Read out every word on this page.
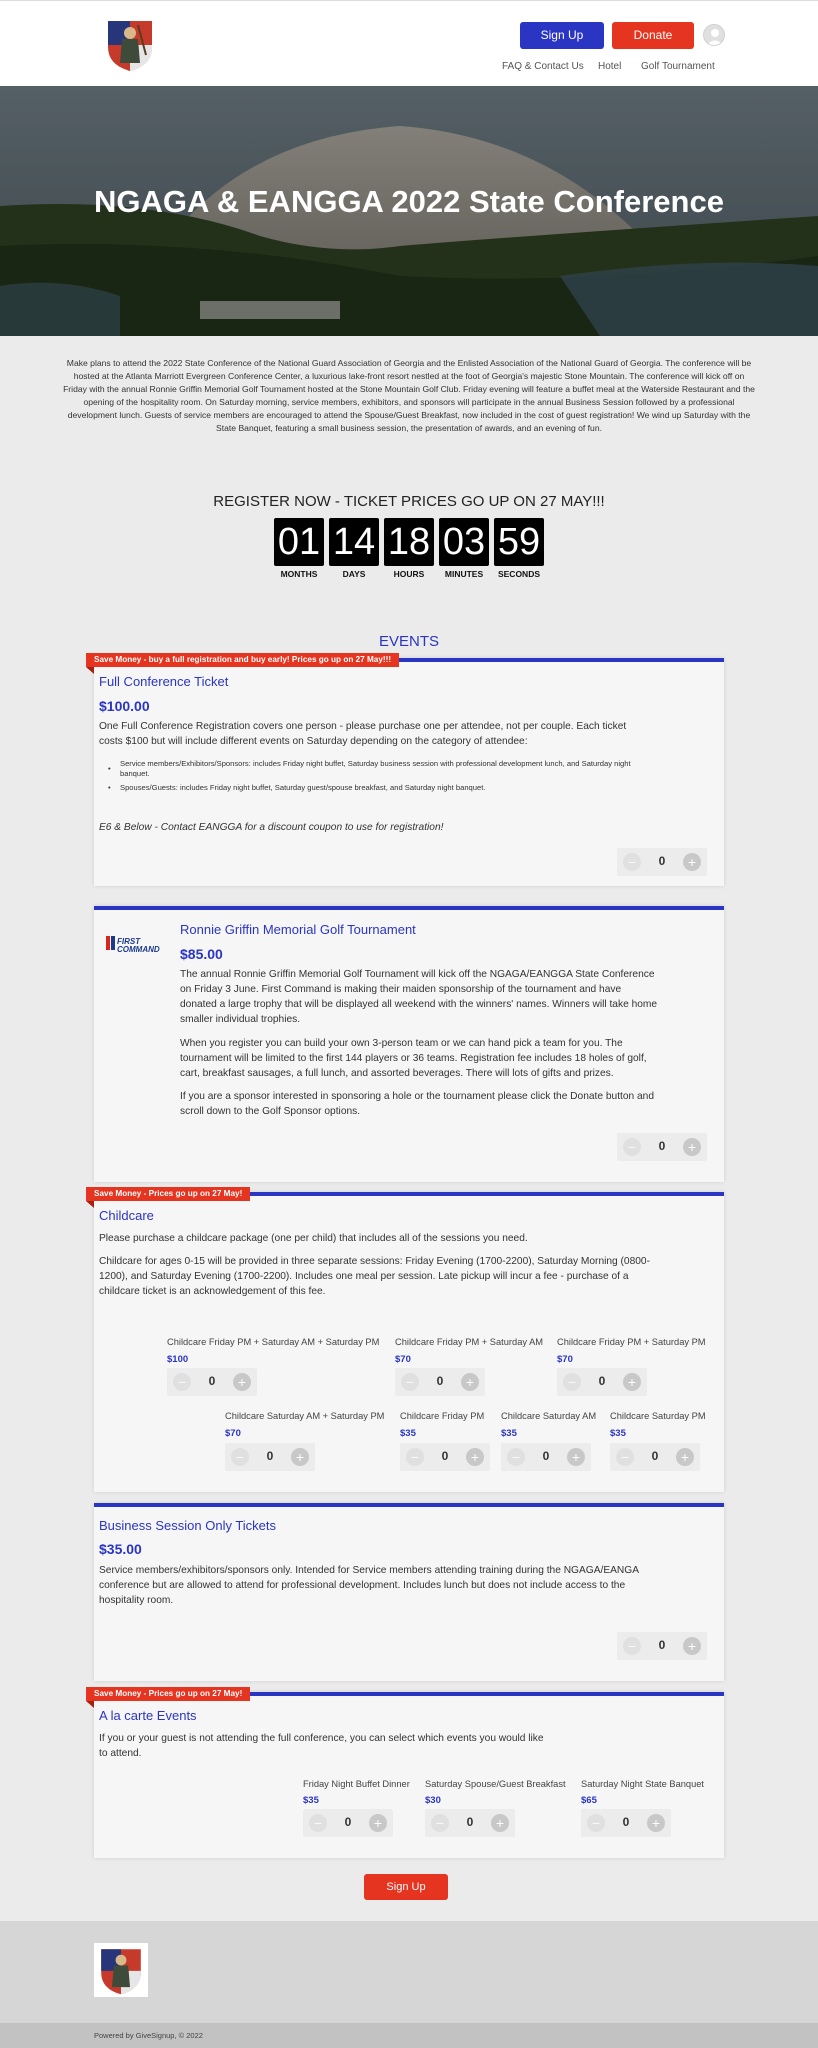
Sign Up	Donate
FAQ & Contact Us Hotel Golf Tournament
NGAGA & EANGGA 2022 State Conference
Make plans to attend the 2022 State Conference of the National Guard Association of Georgia and the Enlisted Association of the National Guard of Georgia. The conference will be hosted at the Atlanta Marriott Evergreen Conference Center, a luxurious lake-front resort nestled at the foot of Georgia's majestic Stone Mountain. The conference will kick off on Friday with the annual Ronnie Griffin Memorial Golf Tournament hosted at the Stone Mountain Golf Club. Friday evening will feature a buffet meal at the Waterside Restaurant and the opening of the hospitality room. On Saturday morning, service members, exhibitors, and sponsors will participate in the annual Business Session followed by a professional development lunch. Guests of service members are encouraged to attend the Spouse/Guest Breakfast, now included in the cost of guest registration! We wind up Saturday with the State Banquet, featuring a small business session, the presentation of awards, and an evening of fun.
REGISTER NOW - TICKET PRICES GO UP ON 27 MAY!!!
01 14 18 03 59
MONTHS	DAYS	HOURS	MINUTES	SECONDS
EVENTS
Save Money - buy a full registration and buy early! Prices go up on 27 May!!!
Full Conference Ticket
$100.00
One Full Conference Registration covers one person - please purchase one per attendee, not per couple. Each ticket costs $100 but will include different events on Saturday depending on the category of attendee:
•
Service members/Exhibitors/Sponsors: includes Friday night buffet, Saturday business session with professional development lunch, and Saturday night banquet.
• Spouses/Guests: includes Friday night buffet, Saturday guest/spouse breakfast, and Saturday night banquet.
E6 & Below - Contact EANGGA for a discount coupon to use for registration!
−	0	+
FIRST
COMMAND
Ronnie Griffin Memorial Golf Tournament
$85.00
The annual Ronnie Griffin Memorial Golf Tournament will kick off the NGAGA/EANGGA State Conference on Friday 3 June. First Command is making their maiden sponsorship of the tournament and have donated a large trophy that will be displayed all weekend with the winners' names. Winners will take home smaller individual trophies.
When you register you can build your own 3-person team or we can hand pick a team for you. The tournament will be limited to the first 144 players or 36 teams. Registration fee includes 18 holes of golf, cart, breakfast sausages, a full lunch, and assorted beverages. There will lots of gifts and prizes.
If you are a sponsor interested in sponsoring a hole or the tournament please click the Donate button and scroll down to the Golf Sponsor options.
−	0	+
Save Money - Prices go up on 27 May!
Childcare
Please purchase a childcare package (one per child) that includes all of the sessions you need.
Childcare for ages 0-15 will be provided in three separate sessions: Friday Evening (1700-2200), Saturday Morning (0800-1200), and Saturday Evening (1700-2200). Includes one meal per session. Late pickup will incur a fee - purchase of a childcare ticket is an acknowledgement of this fee.
Childcare Friday PM + Saturday AM + Saturday PM
$100
−	0	+
Childcare Friday PM + Saturday AM
$70
−	0	+
Childcare Friday PM + Saturday PM
$70
−	0	+
Childcare Saturday AM + Saturday PM
$70
−	0	+
Childcare Friday PM
$35
−	0	+
Childcare Saturday AM
$35
−	0	+
Childcare Saturday PM
$35
−	0	+
Business Session Only Tickets
$35.00
Service members/exhibitors/sponsors only. Intended for Service members attending training during the NGAGA/EANGA conference but are allowed to attend for professional development. Includes lunch but does not include access to the hospitality room.
−	0	+
Save Money - Prices go up on 27 May!
A la carte Events
If you or your guest is not attending the full conference, you can select which events you would like to attend.
Friday Night Buffet Dinner
$35
−	0	+
Saturday Spouse/Guest Breakfast
$30
−	0	+
Saturday Night State Banquet
$65
−	0	+
Sign Up
Powered by GiveSignup, © 2022
